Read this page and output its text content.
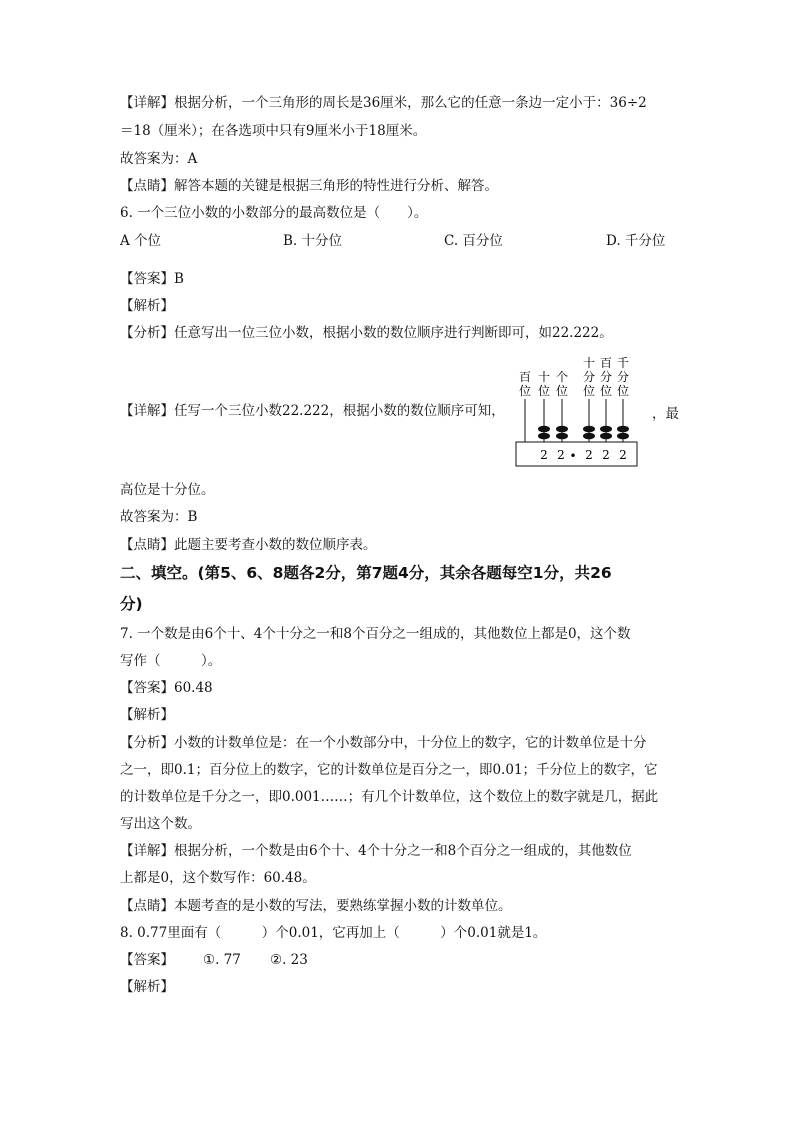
【详解】根据分析，一个三角形的周长是36厘米，那么它的任意一条边一定小于：36÷2
＝18（厘米）；在各选项中只有9厘米小于18厘米。
故答案为：A
【点睛】解答本题的关键是根据三角形的特性进行分析、解答。
6. 一个三位小数的小数部分的最高数位是（　　）。
A 个位	B. 十分位	C. 百分位	D. 千分位
【答案】B
【解析】
【分析】任意写出一位三位小数，根据小数的数位顺序进行判断即可，如22.222。
【详解】任写一个三位小数22.222，根据小数的数位顺序可知，	，最
百
位
十
位
个
位
十
分
位
百
分
位
千
分
位
2 2 • 2 2 2
高位是十分位。
故答案为：B
【点睛】此题主要考查小数的数位顺序表。
二、填空。(第5、6、8题各2分，第7题4分，其余各题每空1分，共26
分)
7. 一个数是由6个十、4个十分之一和8个百分之一组成的，其他数位上都是0，这个数
写作（　　　）。
【答案】60.48
【解析】
【分析】小数的计数单位是：在一个小数部分中，十分位上的数字，它的计数单位是十分
之一，即0.1；百分位上的数字，它的计数单位是百分之一，即0.01；千分位上的数字，它
的计数单位是千分之一，即0.001……；有几个计数单位，这个数位上的数字就是几，据此
写出这个数。
【详解】根据分析，一个数是由6个十、4个十分之一和8个百分之一组成的，其他数位
上都是0，这个数写作：60.48。
【点睛】本题考查的是小数的写法，要熟练掌握小数的计数单位。
8. 0.77里面有（　　　）个0.01，它再加上（　　　）个0.01就是1。
【答案】 ①. 77 ②. 23
【解析】
